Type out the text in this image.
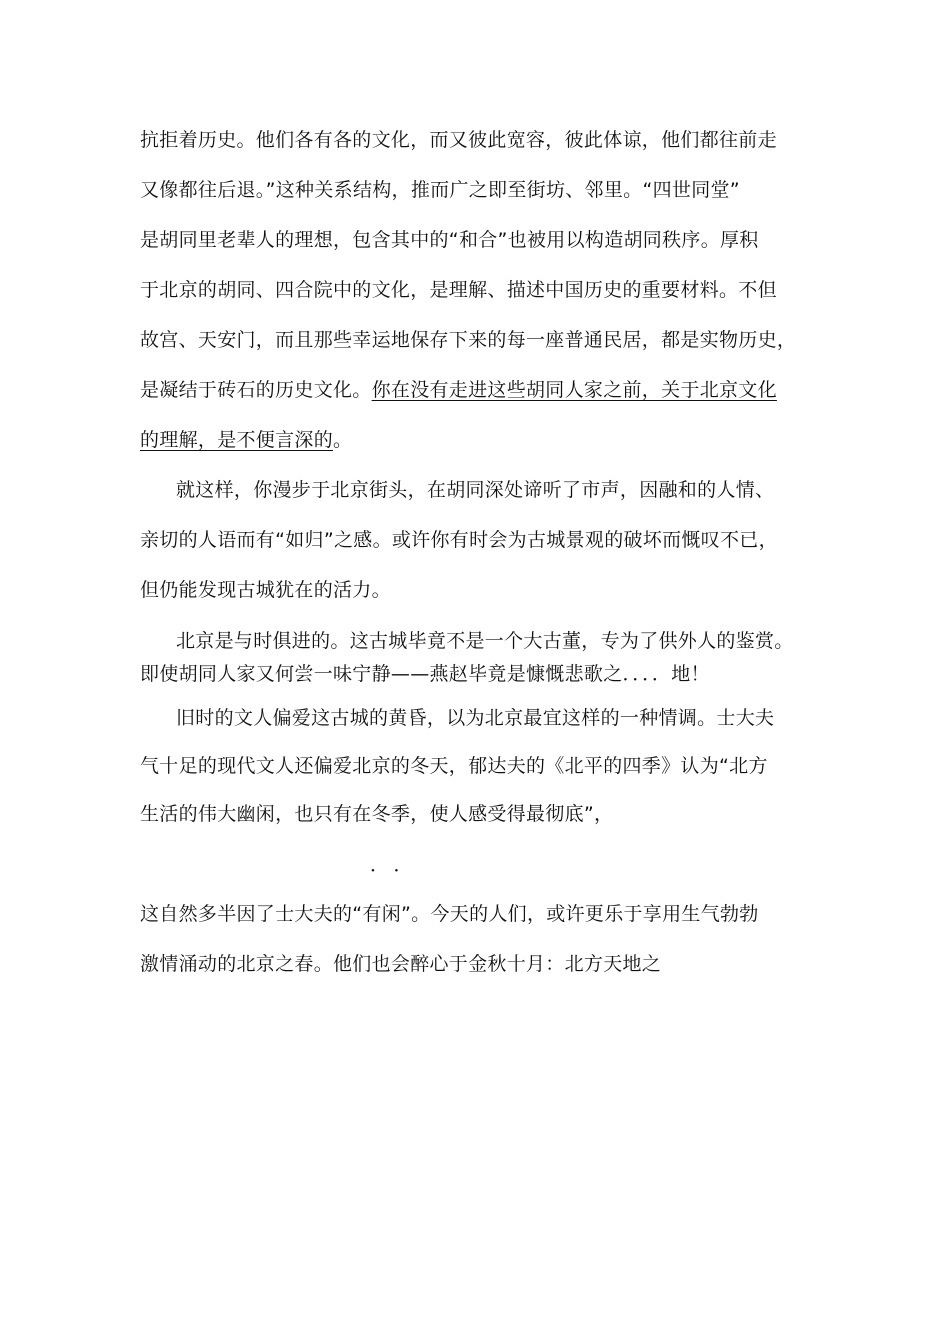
抗拒着历史。他们各有各的文化，而又彼此宽容，彼此体谅，他们都往前走
又像都往后退。”这种关系结构，推而广之即至街坊、邻里。“四世同堂”
是胡同里老辈人的理想，包含其中的“和合”也被用以构造胡同秩序。厚积
于北京的胡同、四合院中的文化，是理解、描述中国历史的重要材料。不但
故宫、天安门，而且那些幸运地保存下来的每一座普通民居，都是实物历史，
是凝结于砖石的历史文化。你在没有走进这些胡同人家之前，关于北京文化
的理解，是不便言深的。
就这样，你漫步于北京街头，在胡同深处谛听了市声，因融和的人情、
亲切的人语而有“如归”之感。或许你有时会为古城景观的破坏而慨叹不已，
但仍能发现古城犹在的活力。
北京是与时俱进的。这古城毕竟不是一个大古董，专为了供外人的鉴赏。
即使胡同人家又何尝一味宁静——燕赵毕竟是慷慨悲歌之．．．．地！
旧时的文人偏爱这古城的黄昏，以为北京最宜这样的一种情调。士大夫
气十足的现代文人还偏爱北京的冬天，郁达夫的《北平的四季》认为“北方
生活的伟大幽闲，也只有在冬季，使人感受得最彻底”，
．．
这自然多半因了士大夫的“有闲”。今天的人们，或许更乐于享用生气勃勃
激情涌动的北京之春。他们也会醉心于金秋十月：北方天地之
